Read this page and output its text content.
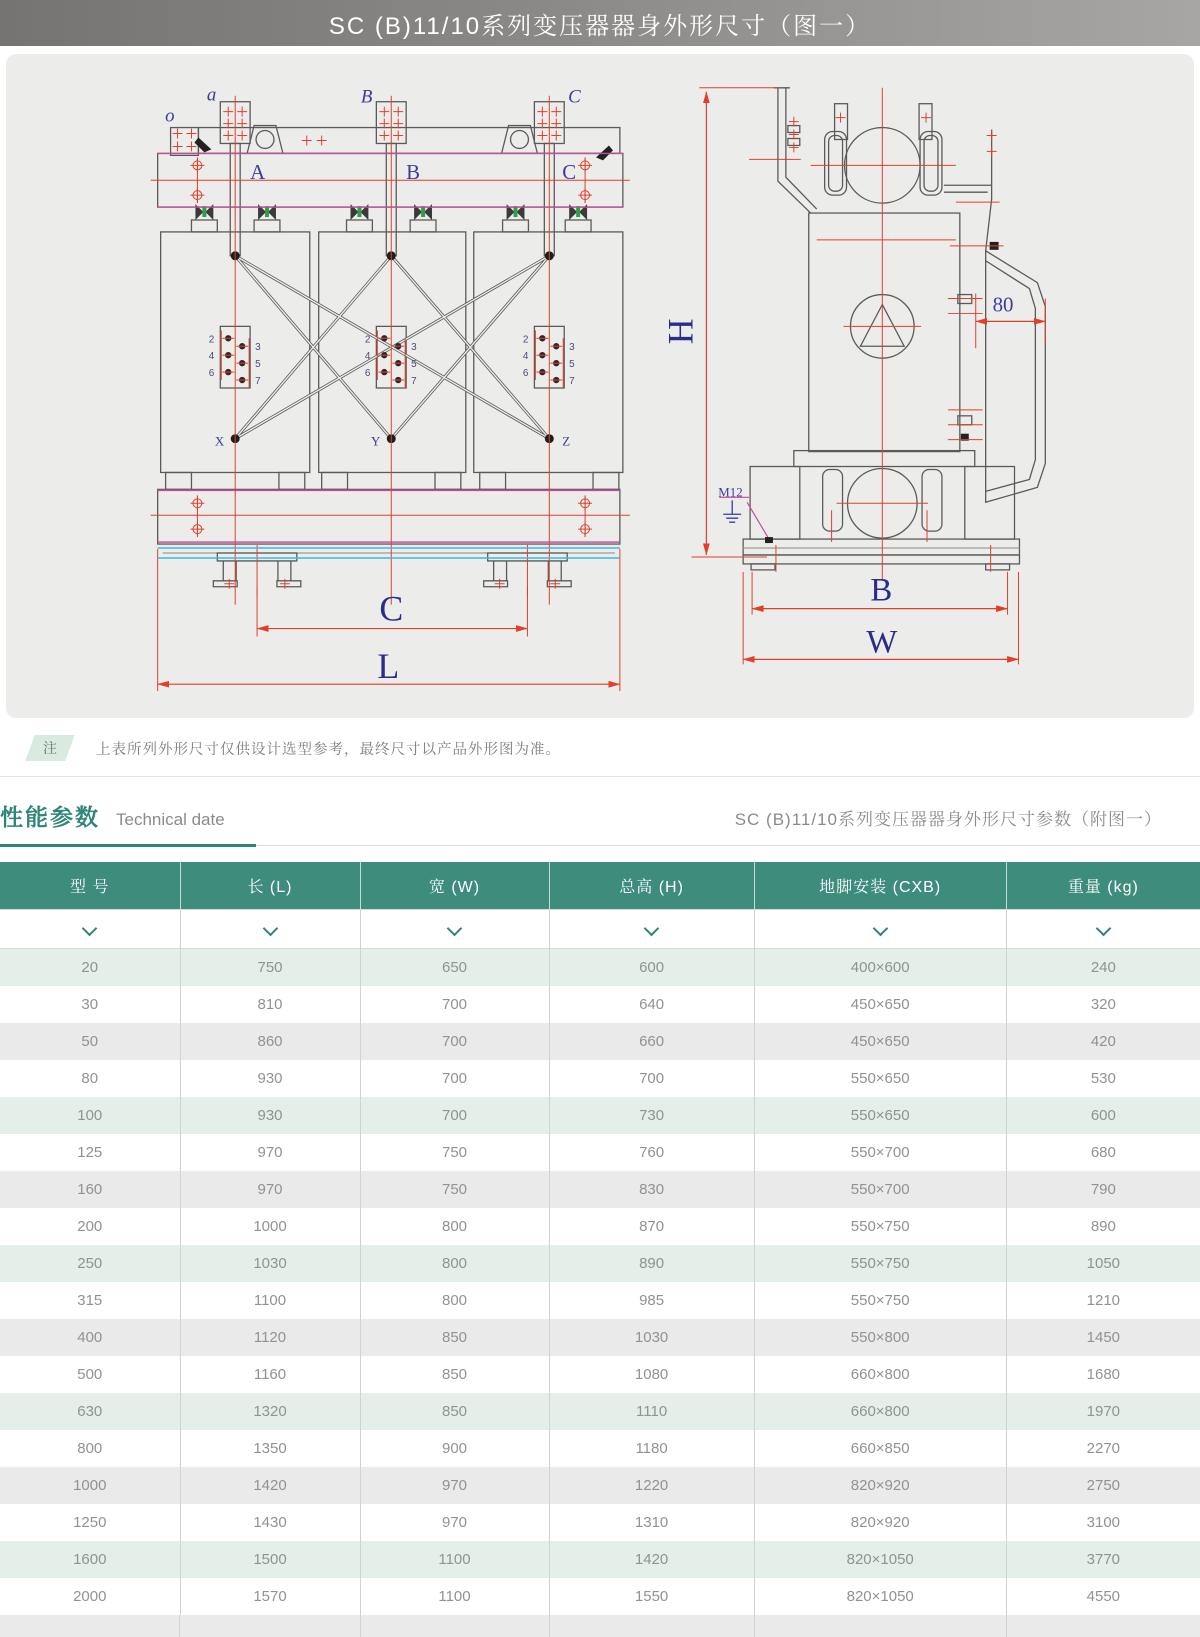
SC (B)11/10系列变压器器身外形尺寸（图一）
o
a	B	C
A	B	C
X	Y	Z
2
4
6
3
5
7
2
4
6
3
5
7
2
4
6
3
5
7
C
L
H
80
M12
B
W
注	上表所列外形尺寸仅供设计选型参考，最终尺寸以产品外形图为准。
性能参数 Technical date	SC (B)11/10系列变压器器身外形尺寸参数（附图一）
型 号	长 (L)	宽 (W)	总高 (H)	地脚安装 (CXB)	重量 (kg)

20	750	650	600	400×600	240
30	810	700	640	450×650	320
50	860	700	660	450×650	420
80	930	700	700	550×650	530
100	930	700	730	550×650	600
125	970	750	760	550×700	680
160	970	750	830	550×700	790
200	1000	800	870	550×750	890
250	1030	800	890	550×750	1050
315	1100	800	985	550×750	1210
400	1120	850	1030	550×800	1450
500	1160	850	1080	660×800	1680
630	1320	850	1110	660×800	1970
800	1350	900	1180	660×850	2270
1000	1420	970	1220	820×920	2750
1250	1430	970	1310	820×920	3100
1600	1500	1100	1420	820×1050	3770
2000	1570	1100	1550	820×1050	4550
